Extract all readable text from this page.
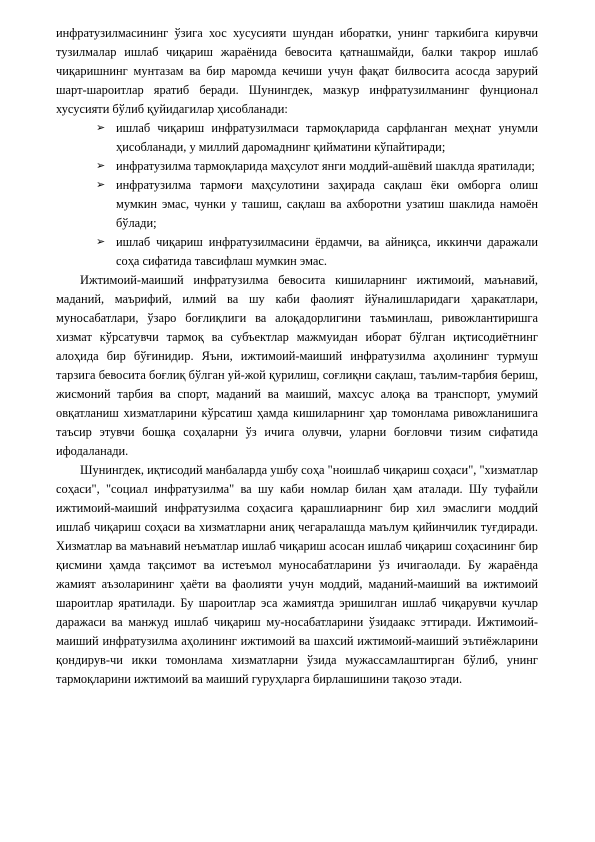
инфратузилмасининг ўзига хос хусусияти шундан иборатки, унинг таркибига кирувчи тузилмалар ишлаб чиқариш жараёнида бевосита қатнашмайди, балки такрор ишлаб чиқаришнинг мунтазам ва бир маромда кечиши учун фақат билвосита асосда зарурий шарт-шароитлар яратиб беради. Шунингдек, мазкур инфратузилманинг фунционал хусусияти бўлиб қуйидагилар ҳисобланади:

➢ ишлаб чиқариш инфратузилмаси тармоқларида сарфланган меҳнат унумли ҳисобланади, у миллий даромаднинг қийматини кўпайтиради;
➢ инфратузилма тармоқларида маҳсулот янги моддий-ашёвий шаклда яратилади;
➢ инфратузилма тармоғи маҳсулотини заҳирада сақлаш ёки омборга олиш мумкин эмас, чунки у ташиш, сақлаш ва ахборотни узатиш шаклида намоён бўлади;
➢ ишлаб чиқариш инфратузилмасини ёрдамчи, ва айниқса, иккинчи даражали соҳа сифатида тавсифлаш мумкин эмас.

Ижтимоий-маиший инфратузилма бевосита кишиларнинг ижтимоий, маънавий, маданий, маърифий, илмий ва шу каби фаолият йўналишларидаги ҳаракатлари, муносабатлари, ўзаро боғлиқлиги ва алоқадорлигини таъминлаш, ривожлантиришга хизмат кўрсатувчи тармоқ ва субъектлар мажмуидан иборат бўлган иқтисодиётнинг алоҳида бир бўғинидир. Яъни, ижтимоий-маиший инфратузилма аҳолининг турмуш тарзига бевосита боғлиқ бўлган уй-жой қурилиш, соғлиқни сақлаш, таълим-тарбия бериш, жисмоний тарбия ва спорт, маданий ва маиший, махсус алоқа ва транспорт, умумий овқатланиш хизматларини кўрсатиш ҳамда кишиларнинг ҳар томонлама ривожланишига таъсир этувчи бошқа соҳаларни ўз ичига олувчи, уларни боғловчи тизим сифатида ифодаланади.

Шунингдек, иқтисодий манбаларда ушбу соҳа "ноишлаб чиқариш соҳаси", "хизматлар соҳаси", "социал инфратузилма" ва шу каби номлар билан ҳам аталади. Шу туфайли ижтимоий-маиший инфратузилма соҳасига қарашлиарнинг бир хил эмаслиги моддий ишлаб чиқариш соҳаси ва хизматларни аниқ чегаралашда маълум қийинчилик туғдиради. Хизматлар ва маънавий неъматлар ишлаб чиқариш асосан ишлаб чиқариш соҳасининг бир қисмини ҳамда тақсимот ва истеъмол муносабатларини ўз ичигаолади. Бу жараёнда жамият аъзоларининг ҳаёти ва фаолияти учун моддий, маданий-маиший ва ижтимоий шароитлар яратилади. Бу шароитлар эса жамиятда эришилган ишлаб чиқарувчи кучлар даражаси ва манжуд ишлаб чиқариш му-носабатларини ўзидаакс эттиради. Ижтимоий-маиший инфратузилма аҳолининг ижтимоий ва шахсий ижтимоий-маиший эътиёжларини қондирув-чи икки томонлама хизматларни ўзида мужассамлаштирган бўлиб, унинг тармоқларини ижтимоий ва маиший гуруҳларга бирлашишини тақозо этади.
